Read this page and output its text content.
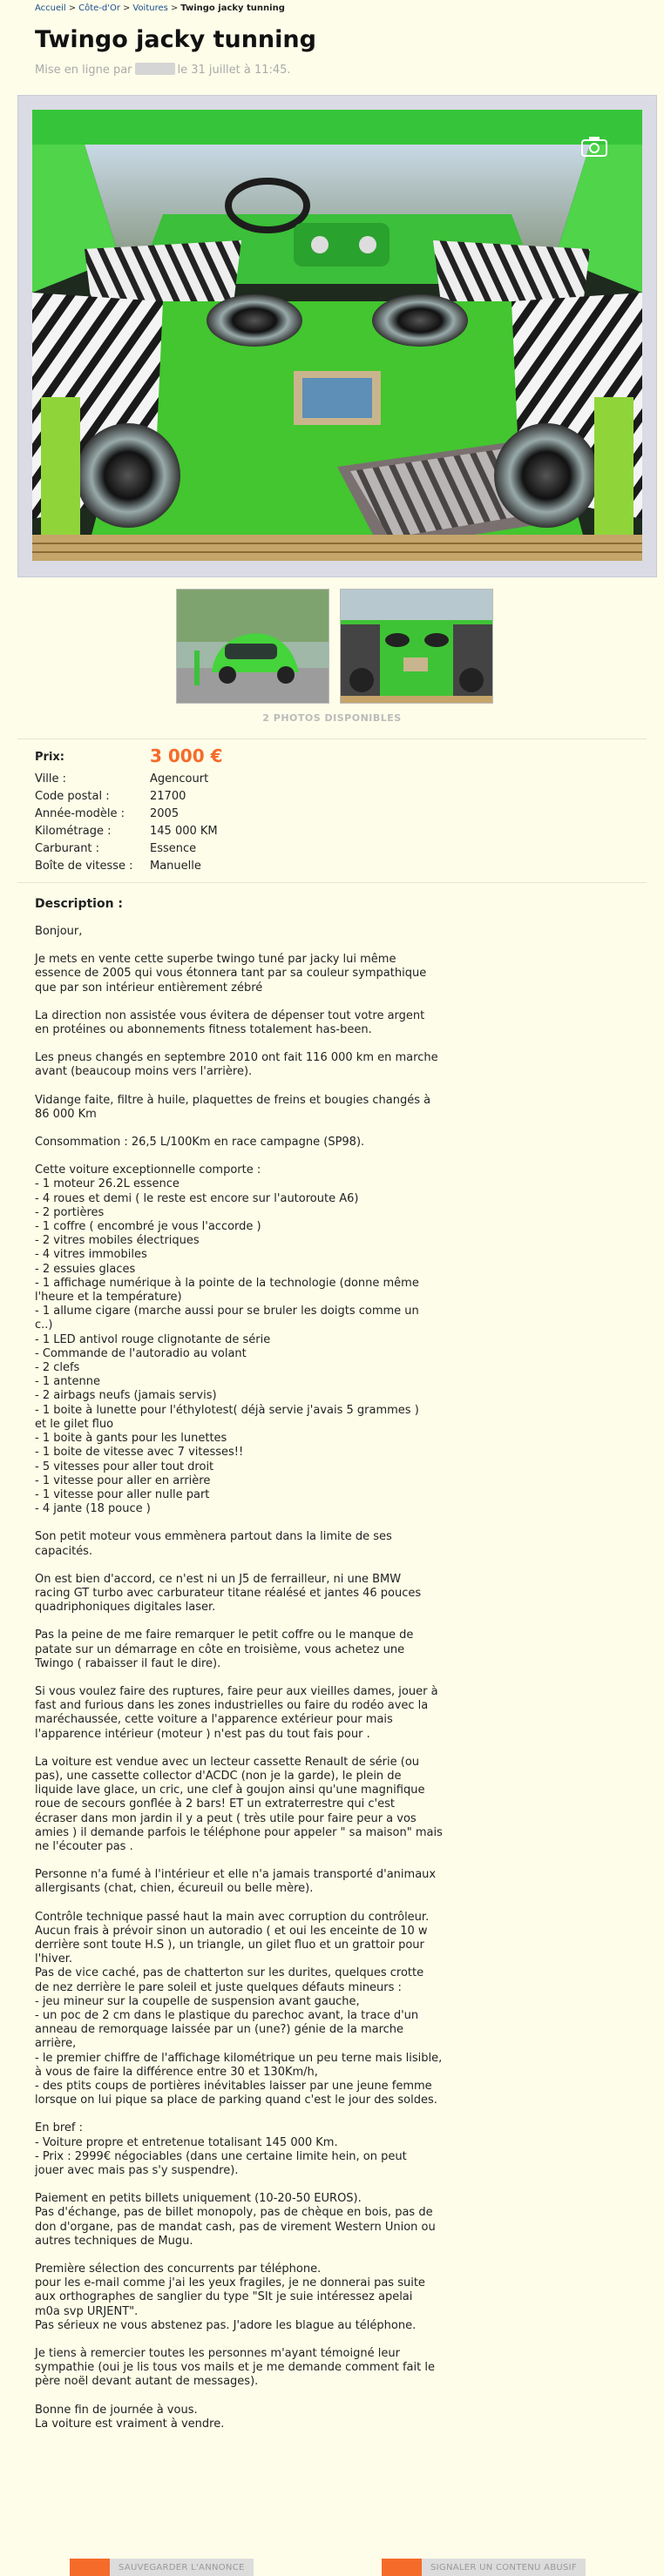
Accueil > Côte-d'Or > Voitures > Twingo jacky tunning
Twingo jacky tunning
Mise en ligne par	le 31 juillet à 11:45.
2 PHOTOS DISPONIBLES
Prix:	3 000 €
Ville :	Agencourt
Code postal :	21700
Année-modèle : 2005
Kilométrage :	145 000 KM
Carburant :	Essence
Boîte de vitesse : Manuelle
Description :

Bonjour,

Je mets en vente cette superbe twingo tuné par jacky lui même
essence de 2005 qui vous étonnera tant par sa couleur sympathique
que par son intérieur entièrement zébré

La direction non assistée vous évitera de dépenser tout votre argent
en protéines ou abonnements fitness totalement has-been.

Les pneus changés en septembre 2010 ont fait 116 000 km en marche
avant (beaucoup moins vers l'arrière).

Vidange faite, filtre à huile, plaquettes de freins et bougies changés à
86 000 Km

Consommation : 26,5 L/100Km en race campagne (SP98).

Cette voiture exceptionnelle comporte :
- 1 moteur 26.2L essence
- 4 roues et demi ( le reste est encore sur l'autoroute A6)
- 2 portières
- 1 coffre ( encombré je vous l'accorde )
- 2 vitres mobiles électriques
- 4 vitres immobiles
- 2 essuies glaces
- 1 affichage numérique à la pointe de la technologie (donne même
l'heure et la température)
- 1 allume cigare (marche aussi pour se bruler les doigts comme un
c..)
- 1 LED antivol rouge clignotante de série
- Commande de l'autoradio au volant
- 2 clefs
- 1 antenne
- 2 airbags neufs (jamais servis)
- 1 boite à lunette pour l'éthylotest( déjà servie j'avais 5 grammes )
et le gilet fluo
- 1 boite à gants pour les lunettes
- 1 boite de vitesse avec 7 vitesses!!
- 5 vitesses pour aller tout droit
- 1 vitesse pour aller en arrière
- 1 vitesse pour aller nulle part
- 4 jante (18 pouce )

Son petit moteur vous emmènera partout dans la limite de ses
capacités.

On est bien d'accord, ce n'est ni un J5 de ferrailleur, ni une BMW
racing GT turbo avec carburateur titane réalésé et jantes 46 pouces
quadriphoniques digitales laser.

Pas la peine de me faire remarquer le petit coffre ou le manque de
patate sur un démarrage en côte en troisième, vous achetez une
Twingo ( rabaisser il faut le dire).

Si vous voulez faire des ruptures, faire peur aux vieilles dames, jouer à
fast and furious dans les zones industrielles ou faire du rodéo avec la
maréchaussée, cette voiture a l'apparence extérieur pour mais
l'apparence intérieur (moteur ) n'est pas du tout fais pour .

La voiture est vendue avec un lecteur cassette Renault de série (ou
pas), une cassette collector d'ACDC (non je la garde), le plein de
liquide lave glace, un cric, une clef à goujon ainsi qu'une magnifique
roue de secours gonflée à 2 bars! ET un extraterrestre qui c'est
écraser dans mon jardin il y a peut ( très utile pour faire peur a vos
amies ) il demande parfois le téléphone pour appeler " sa maison" mais
ne l'écouter pas .

Personne n'a fumé à l'intérieur et elle n'a jamais transporté d'animaux
allergisants (chat, chien, écureuil ou belle mère).

Contrôle technique passé haut la main avec corruption du contrôleur.
Aucun frais à prévoir sinon un autoradio ( et oui les enceinte de 10 w
derrière sont toute H.S ), un triangle, un gilet fluo et un grattoir pour
l'hiver.
Pas de vice caché, pas de chatterton sur les durites, quelques crotte
de nez derrière le pare soleil et juste quelques défauts mineurs :
- jeu mineur sur la coupelle de suspension avant gauche,
- un poc de 2 cm dans le plastique du parechoc avant, la trace d'un
anneau de remorquage laissée par un (une?) génie de la marche
arrière,
- le premier chiffre de l'affichage kilométrique un peu terne mais lisible,
à vous de faire la différence entre 30 et 130Km/h,
- des ptits coups de portières inévitables laisser par une jeune femme
lorsque on lui pique sa place de parking quand c'est le jour des soldes.

En bref :
- Voiture propre et entretenue totalisant 145 000 Km.
- Prix : 2999€ négociables (dans une certaine limite hein, on peut
jouer avec mais pas s'y suspendre).

Paiement en petits billets uniquement (10-20-50 EUROS).
Pas d'échange, pas de billet monopoly, pas de chèque en bois, pas de
don d'organe, pas de mandat cash, pas de virement Western Union ou
autres techniques de Mugu.

Première sélection des concurrents par téléphone.
pour les e-mail comme j'ai les yeux fragiles, je ne donnerai pas suite
aux orthographes de sanglier du type "SIt je suie intéressez apelai
m0a svp URJENT".
Pas sérieux ne vous abstenez pas. J'adore les blague au téléphone.

Je tiens à remercier toutes les personnes m'ayant témoigné leur
sympathie (oui je lis tous vos mails et je me demande comment fait le
père noël devant autant de messages).

Bonne fin de journée à vous.
La voiture est vraiment à vendre.

SAUVEGARDER L'ANNONCE	SIGNALER UN CONTENU ABUSIF
